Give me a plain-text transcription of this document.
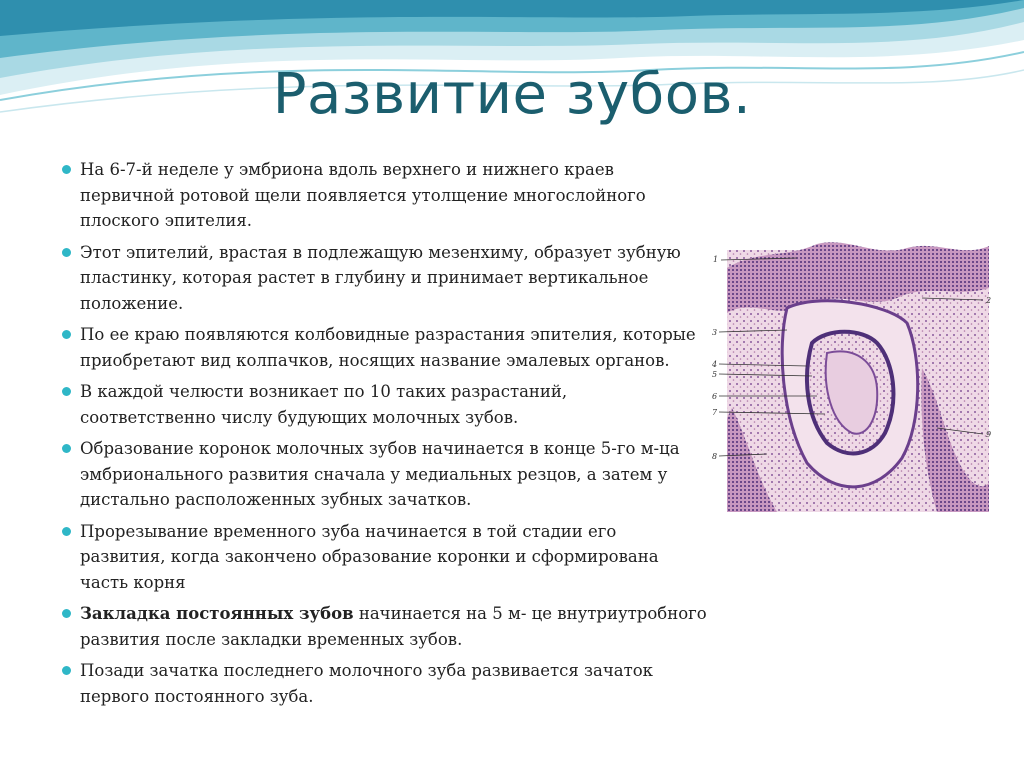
Развитие зубов.
На 6-7-й неделе у эмбриона вдоль верхнего и нижнего краев первичной ротовой щели появляется утолщение многослойного плоского эпителия.
Этот эпителий, врастая в подлежащую мезенхиму, образует зубную пластинку, которая растет в глубину и принимает вертикальное положение.
По ее краю появляются колбовидные разрастания эпителия, которые приобретают вид колпачков, носящих название эмалевых органов.
В каждой челюсти возникает по 10 таких разрастаний, соответственно числу будующих молочных зубов.
Образование коронок молочных зубов начинается в конце 5-го м-ца эмбрионального развития сначала у медиальных резцов, а затем у дистально расположенных зубных зачатков.
Прорезывание временного зуба начинается в той стадии его развития, когда закончено образование коронки и сформирована часть корня
Закладка постоянных зубов начинается на 5 м- це внутриутробного развития после закладки временных зубов.
Позади зачатка последнего молочного зуба развивается зачаток первого постоянного зуба.
1
2
3
4
5
6
7
8
9
